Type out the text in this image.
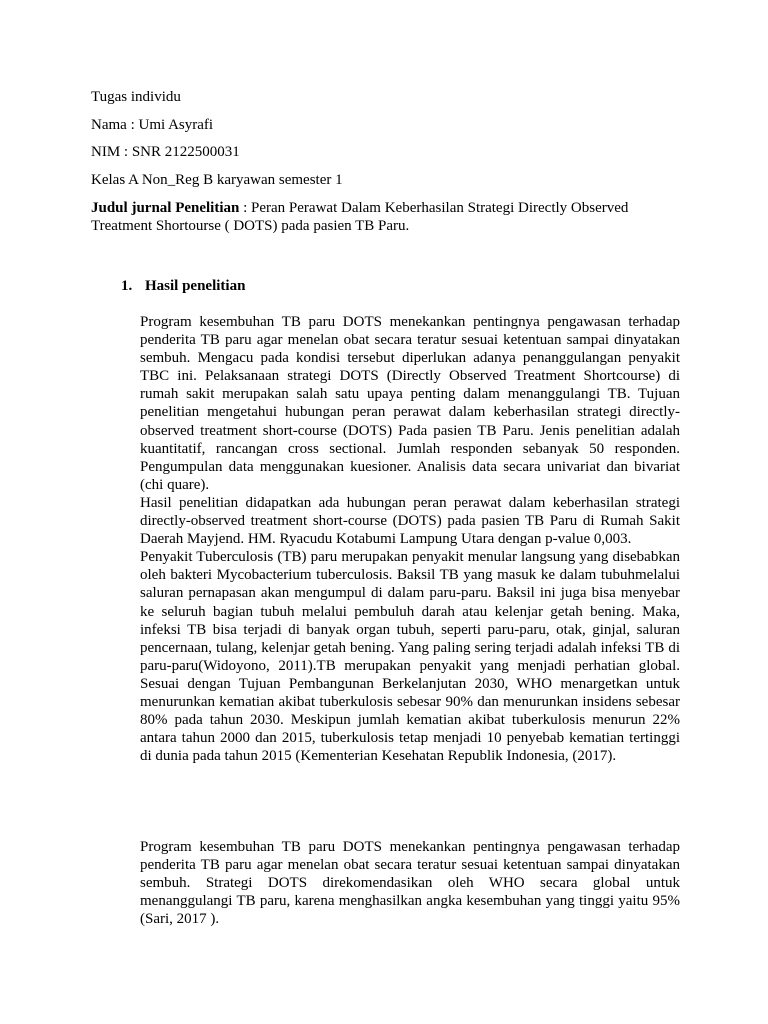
Tugas individu
Nama : Umi Asyrafi
NIM : SNR 2122500031
Kelas A Non_Reg B karyawan semester 1
Judul jurnal Penelitian : Peran Perawat Dalam Keberhasilan Strategi Directly Observed
Treatment Shortourse ( DOTS) pada pasien TB Paru.
1. Hasil penelitian

Program kesembuhan TB paru DOTS menekankan pentingnya pengawasan terhadap penderita TB paru agar menelan obat secara teratur sesuai ketentuan sampai dinyatakan sembuh. Mengacu pada kondisi tersebut diperlukan adanya penanggulangan penyakit TBC ini. Pelaksanaan strategi DOTS (Directly Observed Treatment Shortcourse) di rumah sakit merupakan salah satu upaya penting dalam menanggulangi TB. Tujuan penelitian mengetahui hubungan peran perawat dalam keberhasilan strategi directly-observed treatment short-course (DOTS) Pada pasien TB Paru. Jenis penelitian adalah kuantitatif, rancangan cross sectional. Jumlah responden sebanyak 50 responden. Pengumpulan data menggunakan kuesioner. Analisis data secara univariat dan bivariat (chi quare).

Hasil penelitian didapatkan ada hubungan peran perawat dalam keberhasilan strategi directly-observed treatment short-course (DOTS) pada pasien TB Paru di Rumah Sakit Daerah Mayjend. HM. Ryacudu Kotabumi Lampung Utara dengan p-value 0,003.

Penyakit Tuberculosis (TB) paru merupakan penyakit menular langsung yang disebabkan oleh bakteri Mycobacterium tuberculosis. Baksil TB yang masuk ke dalam tubuhmelalui saluran pernapasan akan mengumpul di dalam paru-paru. Baksil ini juga bisa menyebar ke seluruh bagian tubuh melalui pembuluh darah atau kelenjar getah bening. Maka, infeksi TB bisa terjadi di banyak organ tubuh, seperti paru-paru, otak, ginjal, saluran pencernaan, tulang, kelenjar getah bening. Yang paling sering terjadi adalah infeksi TB di paru-paru(Widoyono, 2011).TB merupakan penyakit yang menjadi perhatian global. Sesuai dengan Tujuan Pembangunan Berkelanjutan 2030, WHO menargetkan untuk menurunkan kematian akibat tuberkulosis sebesar 90% dan menurunkan insidens sebesar 80% pada tahun 2030. Meskipun jumlah kematian akibat tuberkulosis menurun 22% antara tahun 2000 dan 2015, tuberkulosis tetap menjadi 10 penyebab kematian tertinggi di dunia pada tahun 2015 (Kementerian Kesehatan Republik Indonesia, (2017).

Program kesembuhan TB paru DOTS menekankan pentingnya pengawasan terhadap penderita TB paru agar menelan obat secara teratur sesuai ketentuan sampai dinyatakan sembuh. Strategi DOTS direkomendasikan oleh WHO secara global untuk menanggulangi TB paru, karena menghasilkan angka kesembuhan yang tinggi yaitu 95% (Sari, 2017 ).
